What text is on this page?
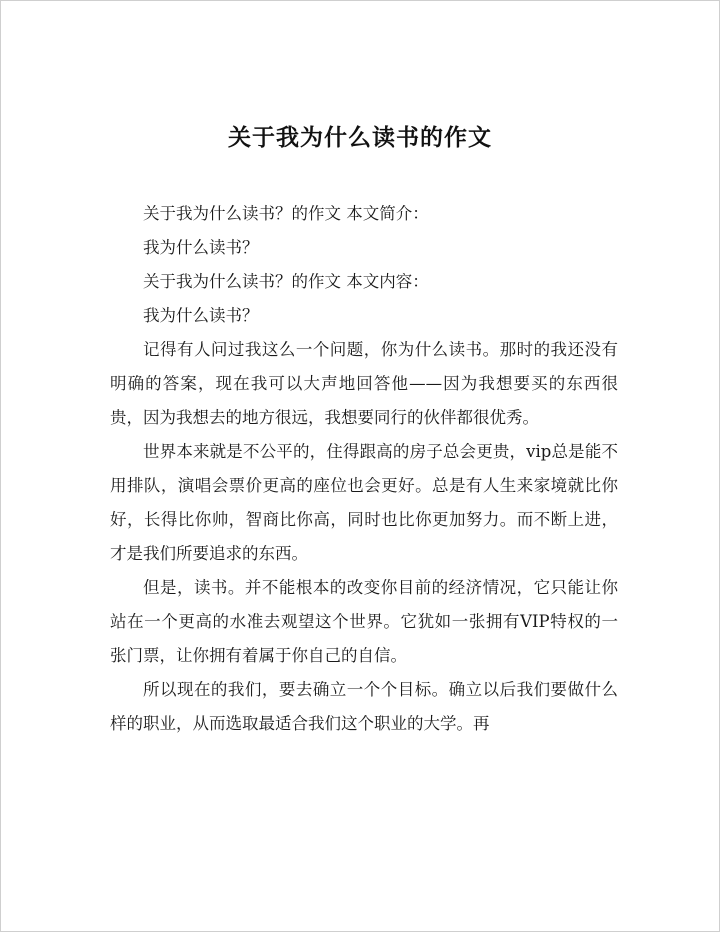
关于我为什么读书的作文

关于我为什么读书？的作文 本文简介：

我为什么读书？

关于我为什么读书？的作文 本文内容：

我为什么读书？

记得有人问过我这么一个问题，你为什么读书。那时的我还没有明确的答案，现在我可以大声地回答他——因为我想要买的东西很贵，因为我想去的地方很远，我想要同行的伙伴都很优秀。

世界本来就是不公平的，住得跟高的房子总会更贵，vip总是能不用排队，演唱会票价更高的座位也会更好。总是有人生来家境就比你好，长得比你帅，智商比你高，同时也比你更加努力。而不断上进，才是我们所要追求的东西。

但是，读书。并不能根本的改变你目前的经济情况，它只能让你站在一个更高的水准去观望这个世界。它犹如一张拥有VIP特权的一张门票，让你拥有着属于你自己的自信。

所以现在的我们，要去确立一个个目标。确立以后我们要做什么样的职业，从而选取最适合我们这个职业的大学。再
